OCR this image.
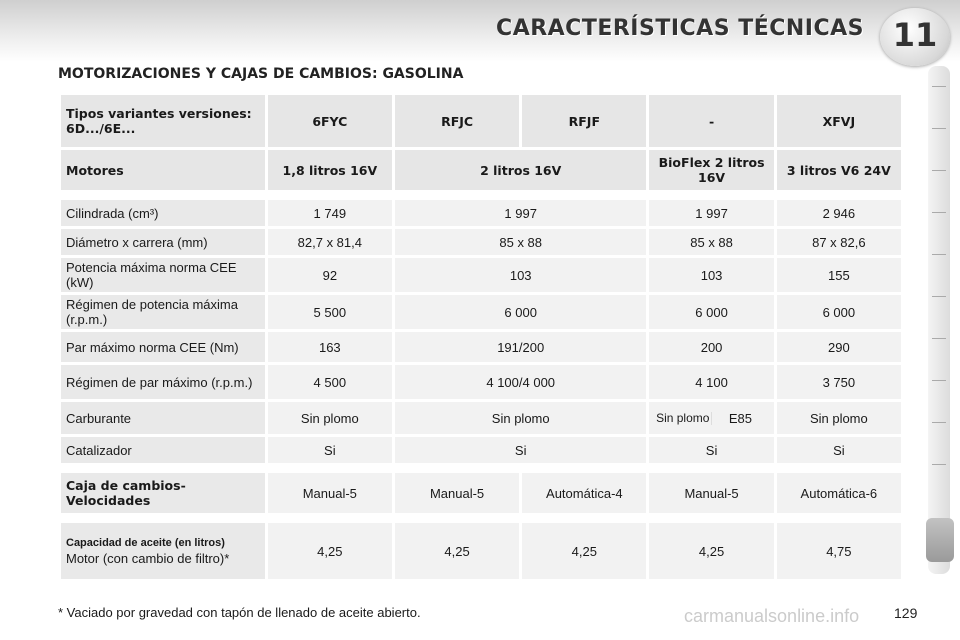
CARACTERÍSTICAS TÉCNICAS 11
MOTORIZACIONES Y CAJAS DE CAMBIOS: GASOLINA
Tipos variantes versiones: 6D.../6E...	6FYC	RFJC	RFJF	-	XFVJ
Motores	1,8 litros 16V	2 litros 16V		BioFlex 2 litros 16V	3 litros V6 24V

Cilindrada (cm³)	1 749	1 997		1 997	2 946
Diámetro x carrera (mm)	82,7 x 81,4	85 x 88		85 x 88	87 x 82,6
Potencia máxima norma CEE (kW)	92	103		103	155
Régimen de potencia máxima (r.p.m.)	5 500	6 000		6 000	6 000
Par máximo norma CEE (Nm)	163	191/200		200	290
Régimen de par máximo (r.p.m.)	4 500	4 100/4 000		4 100	3 750
Carburante	Sin plomo	Sin plomo		Sin plomo E85	Sin plomo
Catalizador	Si	Si		Si	Si

Caja de cambios-Velocidades	Manual-5	Manual-5	Automática-4	Manual-5	Automática-6

Capacidad de aceite (en litros)
Motor (con cambio de filtro)*	4,25	4,25	4,25	4,25	4,75
* Vaciado por gravedad con tapón de llenado de aceite abierto.	carmanualsonline.info 129
